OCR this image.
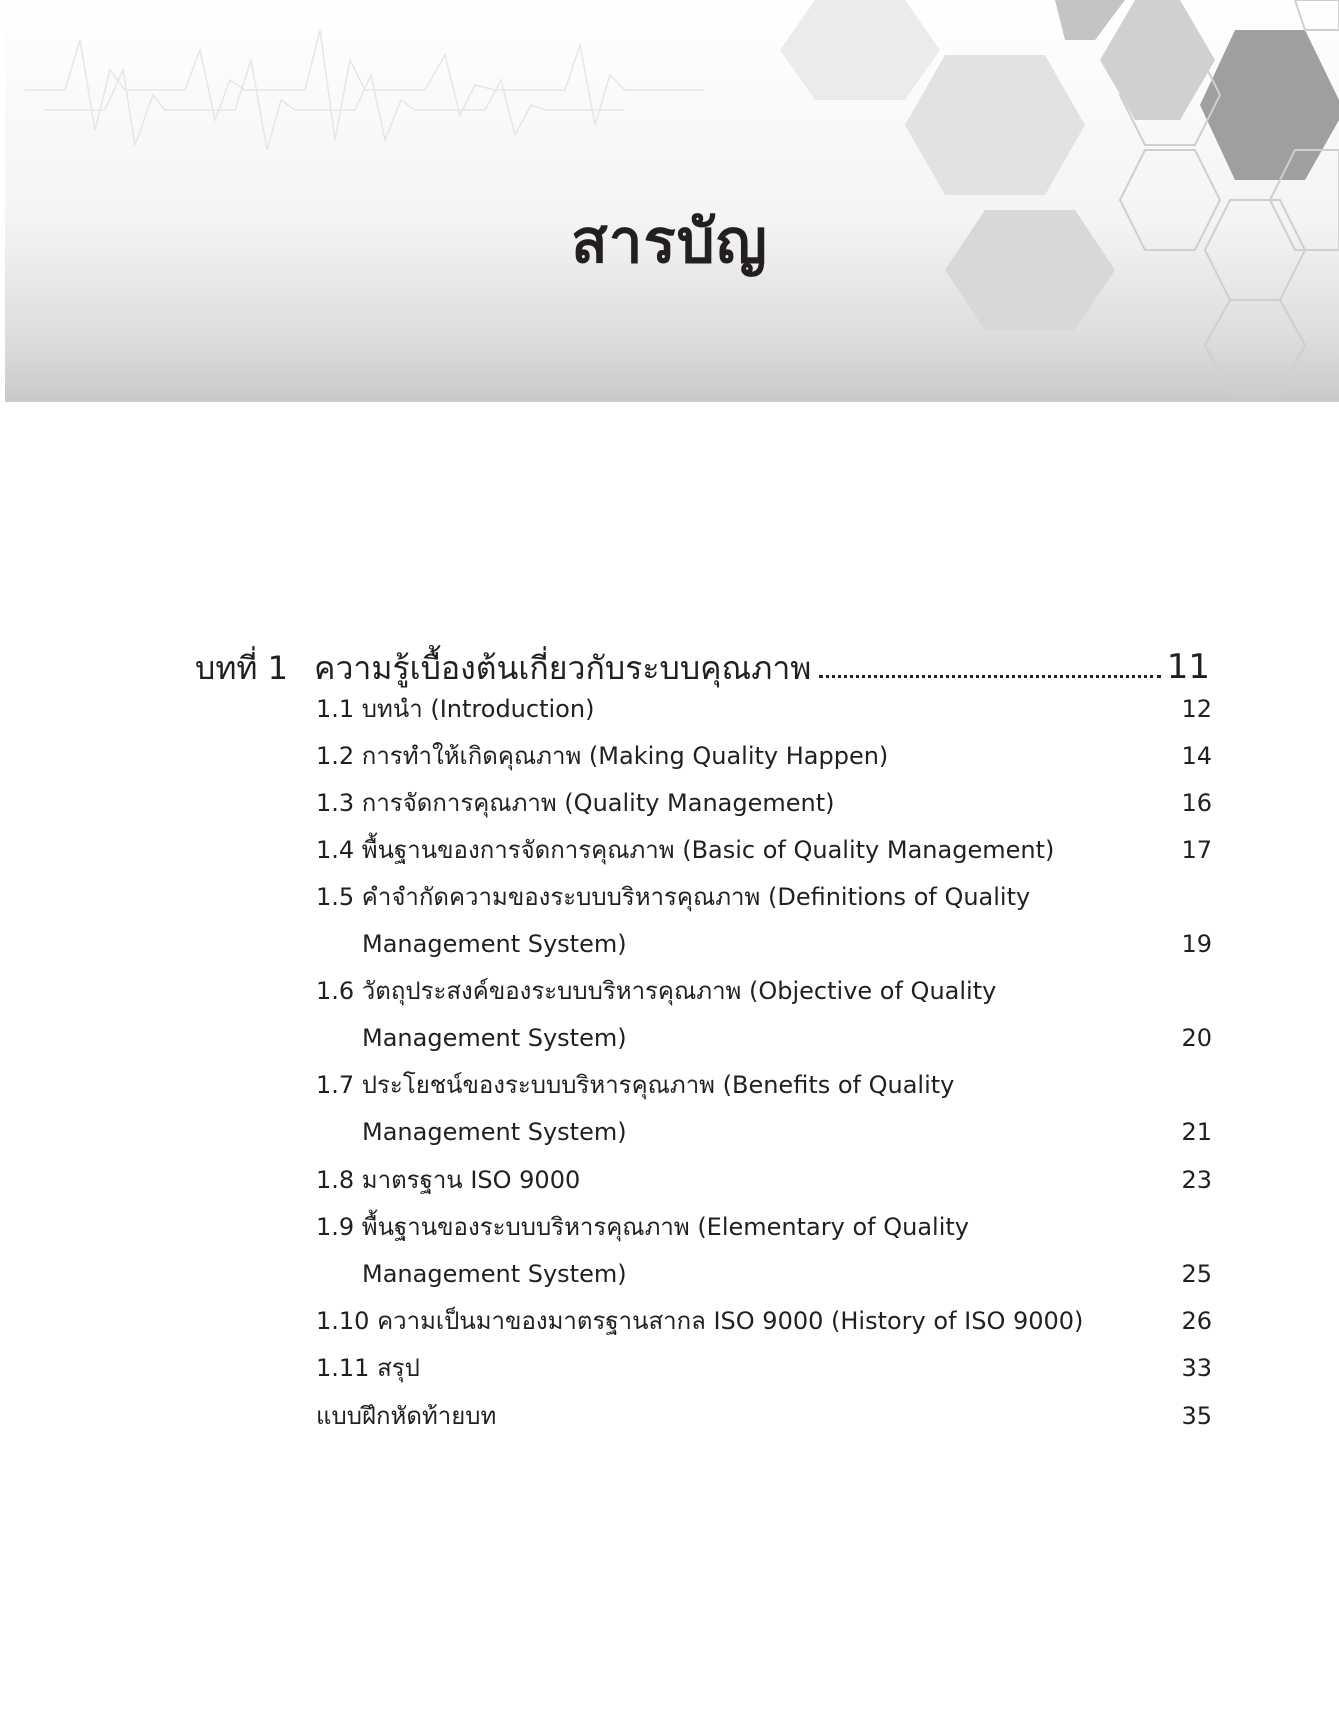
สารบัญ
บทที่ 1 ความรู้เบื้องต้นเกี่ยวกับระบบคุณภาพ	11
1.1 บทนำ (Introduction)	12
1.2 การทำให้เกิดคุณภาพ (Making Quality Happen)	14
1.3 การจัดการคุณภาพ (Quality Management)	16
1.4 พื้นฐานของการจัดการคุณภาพ (Basic of Quality Management)	17
1.5 คำจำกัดความของระบบบริหารคุณภาพ (Definitions of Quality
Management System)	19
1.6 วัตถุประสงค์ของระบบบริหารคุณภาพ (Objective of Quality
Management System)	20
1.7 ประโยชน์ของระบบบริหารคุณภาพ (Benefits of Quality
Management System)	21
1.8 มาตรฐาน ISO 9000	23
1.9 พื้นฐานของระบบบริหารคุณภาพ (Elementary of Quality
Management System)	25
1.10 ความเป็นมาของมาตรฐานสากล ISO 9000 (History of ISO 9000)	26
1.11 สรุป	33
แบบฝึกหัดท้ายบท	35
